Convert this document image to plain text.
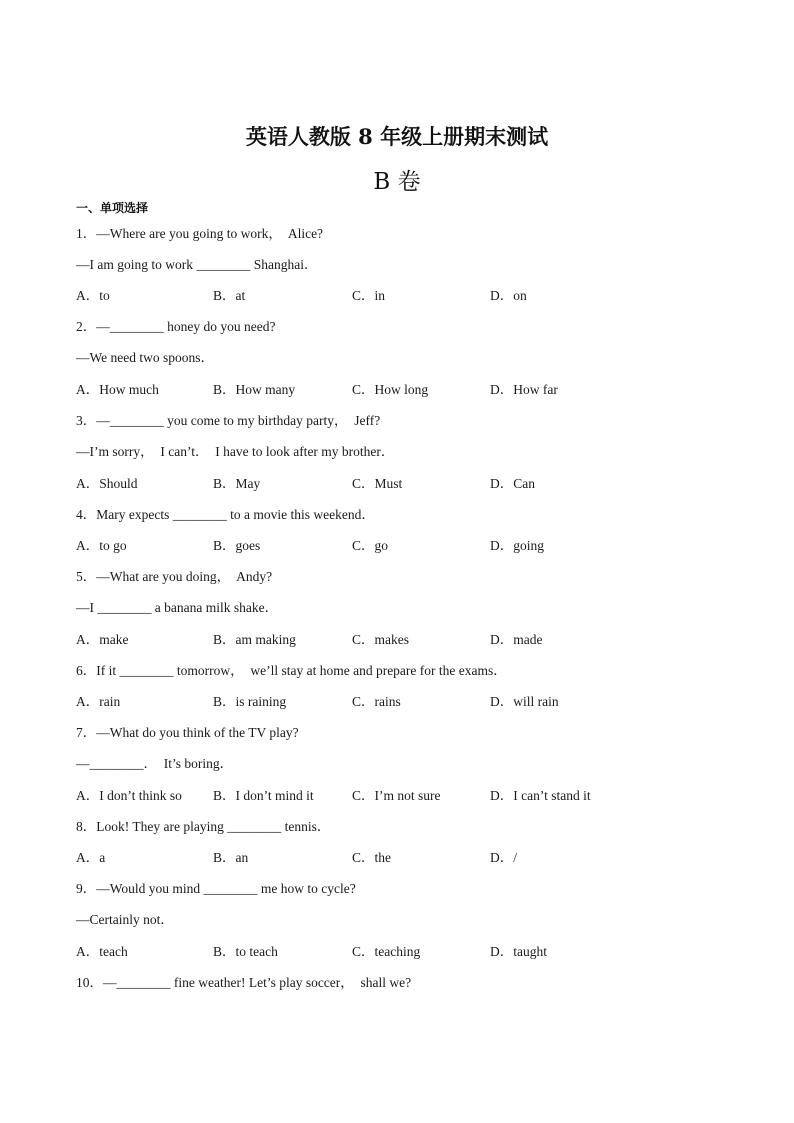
英语人教版 8 年级上册期末测试
B 卷
一、单项选择
1．—Where are you going to work，  Alice?
—I am going to work ________ Shanghai．
A．to	B．at	C．in	D．on
2．—________ honey do you need?
—We need two spoons．
A．How much	B．How many	C．How long	D．How far
3．—________ you come to my birthday party，  Jeff?
—I’m sorry，  I can’t．  I have to look after my brother．
A．Should	B．May	C．Must	D．Can
4．Mary expects ________ to a movie this weekend．
A．to go	B．goes	C．go	D．going
5．—What are you doing，  Andy?
—I ________ a banana milk shake．
A．make	B．am making	C．makes	D．made
6．If it ________ tomorrow，  we’ll stay at home and prepare for the exams．
A．rain	B．is raining	C．rains	D．will rain
7．—What do you think of the TV play?
—________．  It’s boring．
A．I don’t think so B．I don’t mind it	C．I’m not sure	D．I can’t stand it
8．Look! They are playing ________ tennis．
A．a	B．an	C．the	D．/
9．—Would you mind ________ me how to cycle?
—Certainly not．
A．teach	B．to teach	C．teaching	D．taught
10．—________ fine weather! Let’s play soccer，  shall we?
